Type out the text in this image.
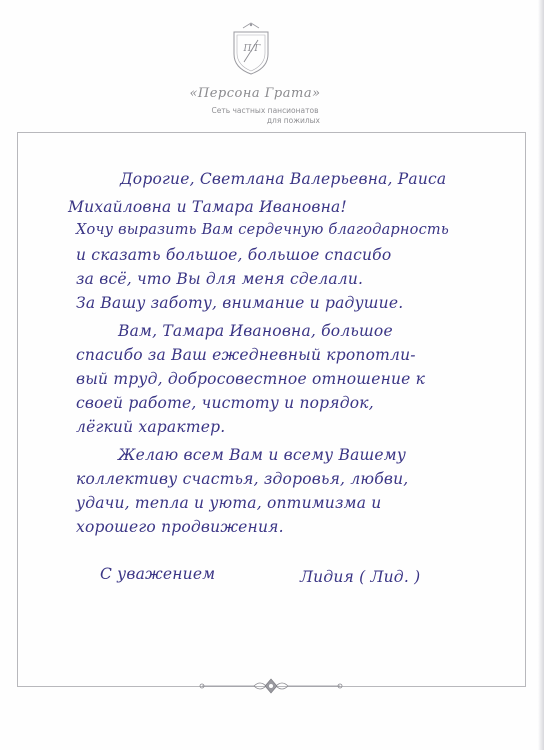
П/Г
«Персона Грата»
Сеть частных пансионатов
для пожилых
Дорогие, Светлана Валерьевна, Раиса
Михайловна и Тамара Ивановна!
Хочу выразить Вам сердечную благодарность
и сказать большое, большое спасибо
за всё, что Вы для меня сделали.
За Вашу заботу, внимание и радушие.
Вам, Тамара Ивановна, большое
спасибо за Ваш ежедневный кропотли-
вый труд, добросовестное отношение к
своей работе, чистоту и порядок,
лёгкий характер.
Желаю всем Вам и всему Вашему
коллективу счастья, здоровья, любви,
удачи, тепла и уюта, оптимизма и
хорошего продвижения.
С уважением	Лидия ( Лид. )
